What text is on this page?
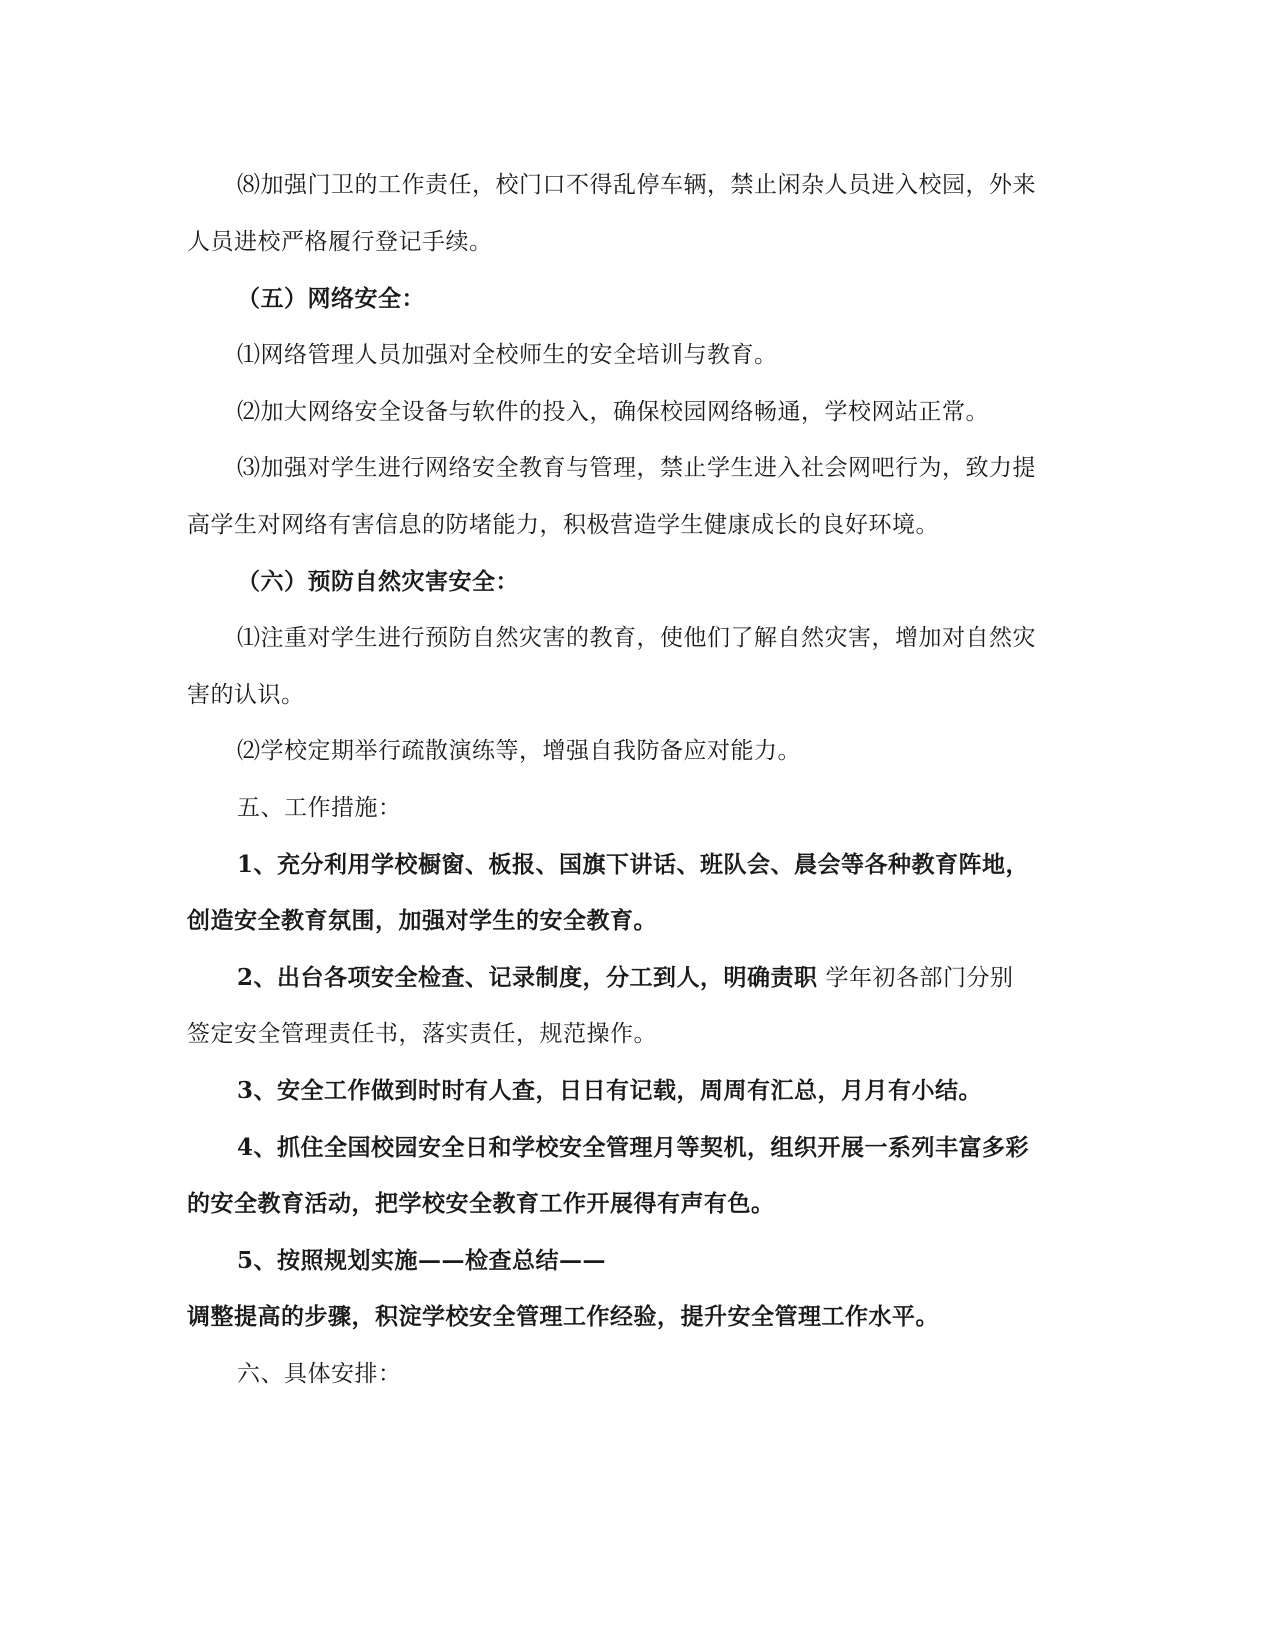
⑻加强门卫的工作责任，校门口不得乱停车辆，禁止闲杂人员进入校园，外来
人员进校严格履行登记手续。
（五）网络安全：
⑴网络管理人员加强对全校师生的安全培训与教育。
⑵加大网络安全设备与软件的投入，确保校园网络畅通，学校网站正常。
⑶加强对学生进行网络安全教育与管理，禁止学生进入社会网吧行为，致力提
高学生对网络有害信息的防堵能力，积极营造学生健康成长的良好环境。
（六）预防自然灾害安全：
⑴注重对学生进行预防自然灾害的教育，使他们了解自然灾害，增加对自然灾
害的认识。
⑵学校定期举行疏散演练等，增强自我防备应对能力。
五、工作措施：
1、充分利用学校橱窗、板报、国旗下讲话、班队会、晨会等各种教育阵地，
创造安全教育氛围，加强对学生的安全教育。
2、出台各项安全检查、记录制度，分工到人，明确责职 学年初各部门分别
签定安全管理责任书，落实责任，规范操作。
3、安全工作做到时时有人查，日日有记载，周周有汇总，月月有小结。
4、抓住全国校园安全日和学校安全管理月等契机，组织开展一系列丰富多彩
的安全教育活动，把学校安全教育工作开展得有声有色。
5、按照规划实施——检查总结——
调整提高的步骤，积淀学校安全管理工作经验，提升安全管理工作水平。
六、具体安排：
